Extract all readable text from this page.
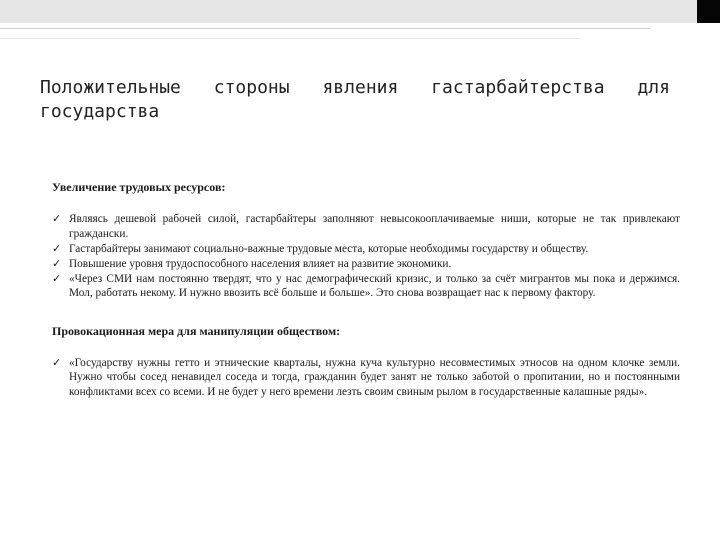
Положительные стороны явления гастарбайтерства для
государства

Увеличение трудовых ресурсов:

✓ Являясь дешевой рабочей силой, гастарбайтеры заполняют невысокооплачиваемые ниши, которые не так привлекают граждански.
✓ Гастарбайтеры занимают социально-важные трудовые места, которые необходимы государству и обществу.
✓ Повышение уровня трудоспособного населения влияет на развитие экономики.
✓ «Через СМИ нам постоянно твердят, что у нас демографический кризис, и только за счёт мигрантов мы пока и держимся. Мол, работать некому. И нужно ввозить всё больше и больше». Это снова возвращает нас к первому фактору.

Провокационная мера для манипуляции обществом:

✓ «Государству нужны гетто и этнические кварталы, нужна куча культурно несовместимых этносов на одном клочке земли. Нужно чтобы сосед ненавидел соседа и тогда, гражданин будет занят не только заботой о пропитании, но и постоянными конфликтами всех со всеми. И не будет у него времени лезть своим свиным рылом в государственные калашные ряды».
